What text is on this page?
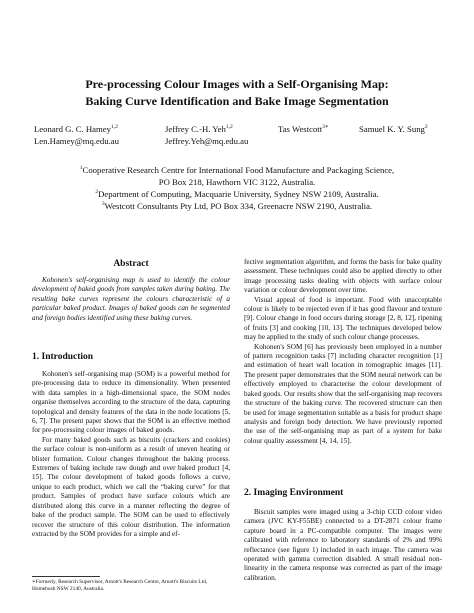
Pre-processing Colour Images with a Self-Organising Map:
Baking Curve Identification and Bake Image Segmentation
Leonard G. C. Hamey$^{1,2}$
Len.Hamey@mq.edu.au
Jeffrey C.-H. Yeh$^{1,2}$
Jeffrey.Yeh@mq.edu.au
Tas Westcott$^{3∗}$	Samuel K. Y. Sung$^2$
$^1$Cooperative Research Centre for International Food Manufacture and Packaging Science,
PO Box 218, Hawthorn VIC 3122, Australia.
$^2$Department of Computing, Macquarie University, Sydney NSW 2109, Australia.
$^3$Westcott Consultants Pty Ltd, PO Box 334, Greenacre NSW 2190, Australia.
Abstract

Kohonen's self-organising map is used to identify the colour development of baked goods from samples taken during baking. The resulting bake curves represent the colours characteristic of a particular baked product. Images of baked goods can be segmented and foreign bodies identified using these baking curves.

1. Introduction

Kohonen's self-organising map (SOM) is a powerful method for pre-processing data to reduce its dimensionality. When presented with data samples in a high-dimensional space, the SOM nodes organise themselves according to the structure of the data, capturing topological and density features of the data in the node locations [5, 6, 7]. The present paper shows that the SOM is an effective method for pre-processing colour images of baked goods.

For many baked goods such as biscuits (crackers and cookies) the surface colour is non-uniform as a result of uneven heating or blister formation. Colour changes throughout the baking process. Extremes of baking include raw dough and over baked product [4, 15]. The colour development of baked goods follows a curve, unique to each product, which we call the “baking curve” for that product. Samples of product have surface colours which are distributed along this curve in a manner reflecting the degree of bake of the product sample. The SOM can be used to effectively recover the structure of this colour distribution. The information extracted by the SOM provides for a simple and ef-

∗Formerly, Research Supervisor, Arnott's Research Centre, Arnott's Biscuits Ltd, Homebush NSW 2140, Australia.

fective segmentation algorithm, and forms the basis for bake quality assessment. These techniques could also be applied directly to other image processing tasks dealing with objects with surface colour variation or colour development over time.

Visual appeal of food is important. Food with unacceptable colour is likely to be rejected even if it has good flavour and texture [9]. Colour change in food occurs during storage [2, 8, 12], ripening of fruits [3] and cooking [10, 13]. The techniques developed below may be applied to the study of such colour change processes.

Kohonen's SOM [6] has previously been employed in a number of pattern recognition tasks [7] including character recognition [1] and estimation of heart wall location in tomographic images [11]. The present paper demonstrates that the SOM neural network can be effectively employed to characterise the colour development of baked goods. Our results show that the self-organising map recovers the structure of the baking curve. The recovered structure can then be used for image segmentation suitable as a basis for product shape analysis and foreign body detection. We have previously reported the use of the self-organising map as part of a system for bake colour quality assessment [4, 14, 15].

2. Imaging Environment

Biscuit samples were imaged using a 3-chip CCD colour video camera (JVC KY-F55BE) connected to a DT-2871 colour frame capture board in a PC-compatible computer. The images were calibrated with reference to laboratory standards of 2% and 99% reflectance (see figure 1) included in each image. The camera was operated with gamma correction disabled. A small residual non-linearity in the camera response was corrected as part of the image calibration.
